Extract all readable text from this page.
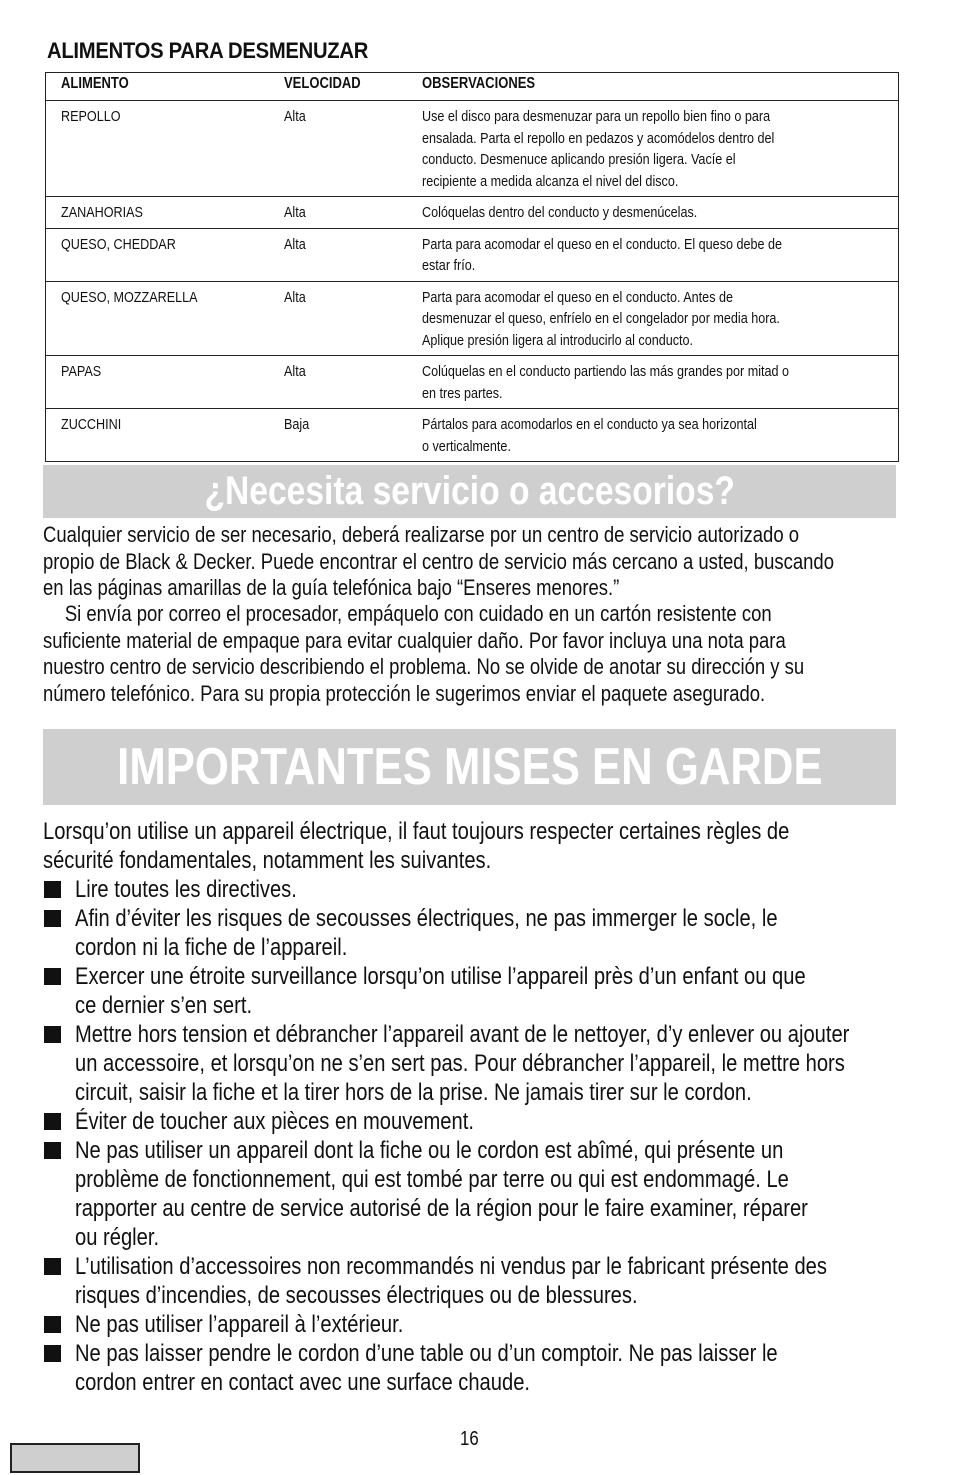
ALIMENTOS PARA DESMENUZAR
ALIMENTO	VELOCIDAD	OBSERVACIONES
REPOLLO	Alta	Use el disco para desmenuzar para un repollo bien fino o para
ensalada. Parta el repollo en pedazos y acomódelos dentro del
conducto. Desmenuce aplicando presión ligera. Vacíe el
recipiente a medida alcanza el nivel del disco.
ZANAHORIAS	Alta	Colóquelas dentro del conducto y desmenúcelas.
QUESO, CHEDDAR	Alta	Parta para acomodar el queso en el conducto. El queso debe de
estar frío.
QUESO, MOZZARELLA	Alta	Parta para acomodar el queso en el conducto. Antes de
desmenuzar el queso, enfríelo en el congelador por media hora.
Aplique presión ligera al introducirlo al conducto.
PAPAS	Alta	Colúquelas en el conducto partiendo las más grandes por mitad o
en tres partes.
ZUCCHINI	Baja	Pártalos para acomodarlos en el conducto ya sea horizontal
o verticalmente.
¿Necesita servicio o accesorios?
Cualquier servicio de ser necesario, deberá realizarse por un centro de servicio autorizado o
propio de Black & Decker. Puede encontrar el centro de servicio más cercano a usted, buscando
en las páginas amarillas de la guía telefónica bajo “Enseres menores.”
Si envía por correo el procesador, empáquelo con cuidado en un cartón resistente con
suficiente material de empaque para evitar cualquier daño. Por favor incluya una nota para
nuestro centro de servicio describiendo el problema. No se olvide de anotar su dirección y su
número telefónico. Para su propia protección le sugerimos enviar el paquete asegurado.
IMPORTANTES MISES EN GARDE
Lorsqu’on utilise un appareil électrique, il faut toujours respecter certaines règles de
sécurité fondamentales, notamment les suivantes.
Lire toutes les directives.
Afin d’éviter les risques de secousses électriques, ne pas immerger le socle, le
cordon ni la fiche de l’appareil.
Exercer une étroite surveillance lorsqu’on utilise l’appareil près d’un enfant ou que
ce dernier s’en sert.
Mettre hors tension et débrancher l’appareil avant de le nettoyer, d’y enlever ou ajouter
un accessoire, et lorsqu’on ne s’en sert pas. Pour débrancher l’appareil, le mettre hors
circuit, saisir la fiche et la tirer hors de la prise. Ne jamais tirer sur le cordon.
Éviter de toucher aux pièces en mouvement.
Ne pas utiliser un appareil dont la fiche ou le cordon est abîmé, qui présente un
problème de fonctionnement, qui est tombé par terre ou qui est endommagé. Le
rapporter au centre de service autorisé de la région pour le faire examiner, réparer
ou régler.
L’utilisation d’accessoires non recommandés ni vendus par le fabricant présente des
risques d’incendies, de secousses électriques ou de blessures.
Ne pas utiliser l’appareil à l’extérieur.
Ne pas laisser pendre le cordon d’une table ou d’un comptoir. Ne pas laisser le
cordon entrer en contact avec une surface chaude.
16
